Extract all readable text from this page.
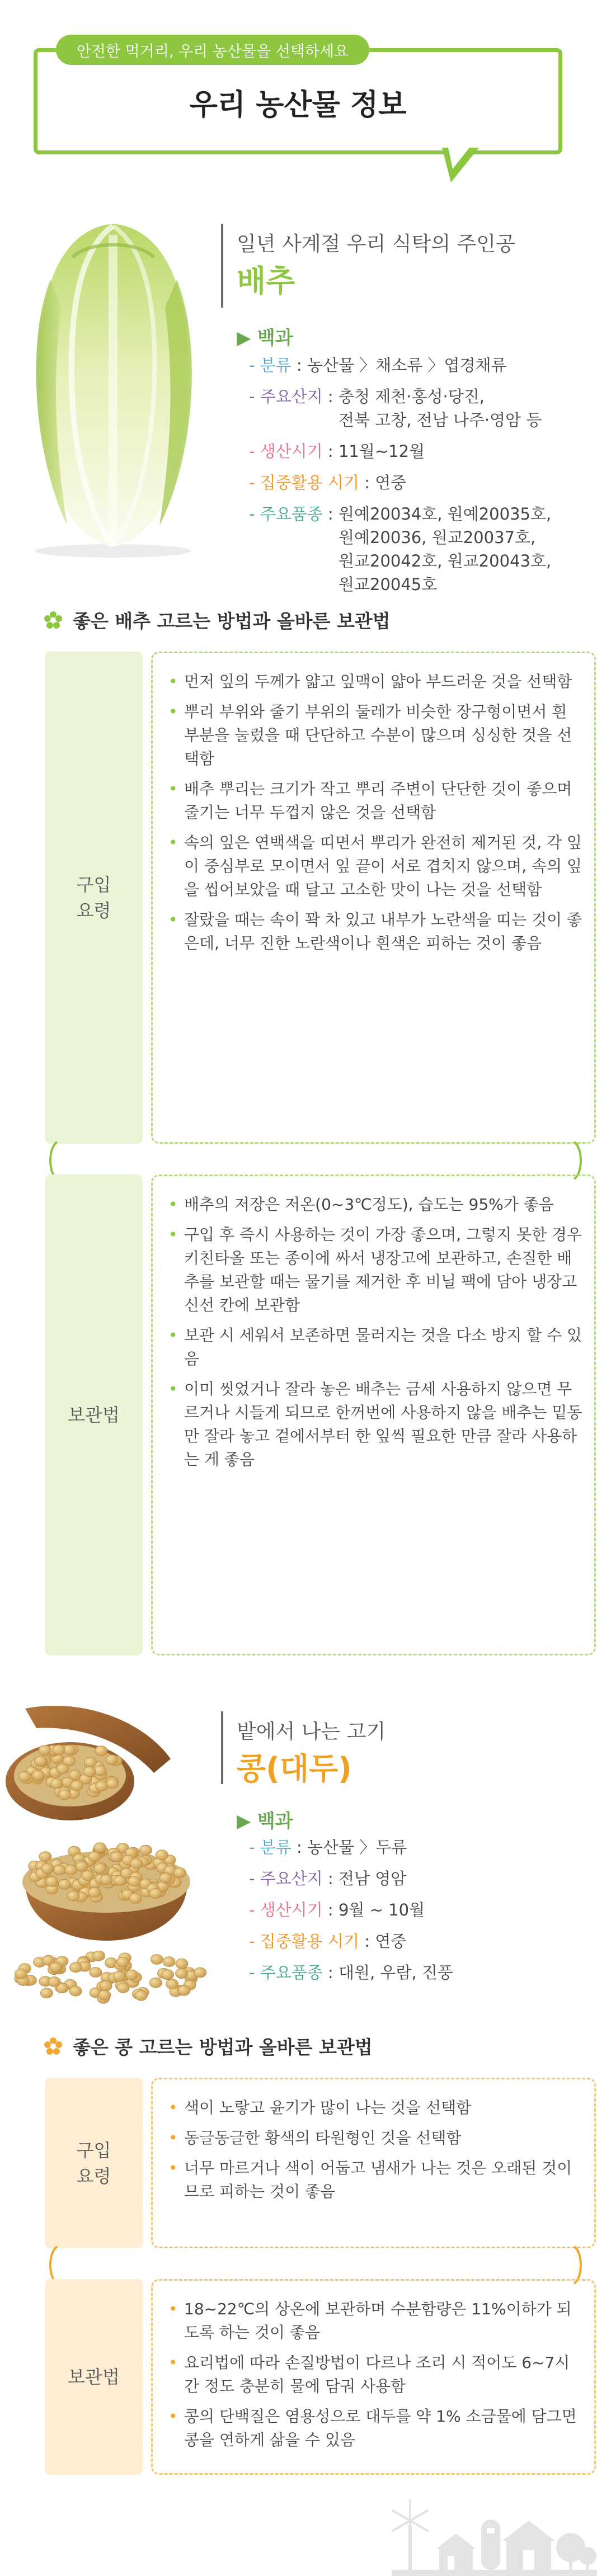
안전한 먹거리, 우리 농산물을 선택하세요
우리 농산물 정보
일년 사계절 우리 식탁의 주인공
배추
▶ 백과
- 분류 : 농산물 〉채소류 〉엽경채류
- 주요산지 : 충청 제천·홍성·당진,
전북 고창, 전남 나주·영암 등
- 생산시기 : 11월~12월
- 집중활용 시기 : 연중
- 주요품종 : 원예20034호, 원예20035호,
원예20036, 원교20037호,
원교20042호, 원교20043호,
원교20045호
좋은 배추 고르는 방법과 올바른 보관법
구입
요령
• 먼저 잎의 두께가 얇고 잎맥이 얇아 부드러운 것을 선택함
• 뿌리 부위와 줄기 부위의 둘레가 비슷한 장구형이면서 흰 부분을 눌렀을 때 단단하고 수분이 많으며 싱싱한 것을 선택함
• 배추 뿌리는 크기가 작고 뿌리 주변이 단단한 것이 좋으며 줄기는 너무 두껍지 않은 것을 선택함
• 속의 잎은 연백색을 띠면서 뿌리가 완전히 제거된 것, 각 잎이 중심부로 모이면서 잎 끝이 서로 겹치지 않으며, 속의 잎을 씹어보았을 때 달고 고소한 맛이 나는 것을 선택함
• 잘랐을 때는 속이 꽉 차 있고 내부가 노란색을 띠는 것이 좋은데, 너무 진한 노란색이나 흰색은 피하는 것이 좋음
보관법
• 배추의 저장은 저온(0~3℃정도), 습도는 95%가 좋음
• 구입 후 즉시 사용하는 것이 가장 좋으며, 그렇지 못한 경우 키친타올 또는 종이에 싸서 냉장고에 보관하고, 손질한 배추를 보관할 때는 물기를 제거한 후 비닐 팩에 담아 냉장고 신선 칸에 보관함
• 보관 시 세워서 보존하면 물러지는 것을 다소 방지 할 수 있음
• 이미 씻었거나 잘라 놓은 배추는 금세 사용하지 않으면 무르거나 시들게 되므로 한꺼번에 사용하지 않을 배추는 밑동만 잘라 놓고 겉에서부터 한 잎씩 필요한 만큼 잘라 사용하는 게 좋음
밭에서 나는 고기
콩(대두)
▶ 백과
- 분류 : 농산물 〉두류
- 주요산지 : 전남 영암
- 생산시기 : 9월 ~ 10월
- 집중활용 시기 : 연중
- 주요품종 : 대원, 우람, 진풍
좋은 콩 고르는 방법과 올바른 보관법
구입
요령
• 색이 노랗고 윤기가 많이 나는 것을 선택함
• 동글동글한 황색의 타원형인 것을 선택함
• 너무 마르거나 색이 어둡고 냄새가 나는 것은 오래된 것이므로 피하는 것이 좋음
보관법
• 18~22℃의 상온에 보관하며 수분함량은 11%이하가 되도록 하는 것이 좋음
• 요리법에 따라 손질방법이 다르나 조리 시 적어도 6~7시간 정도 충분히 물에 담궈 사용함
• 콩의 단백질은 염용성으로 대두를 약 1% 소금물에 담그면 콩을 연하게 삶을 수 있음
